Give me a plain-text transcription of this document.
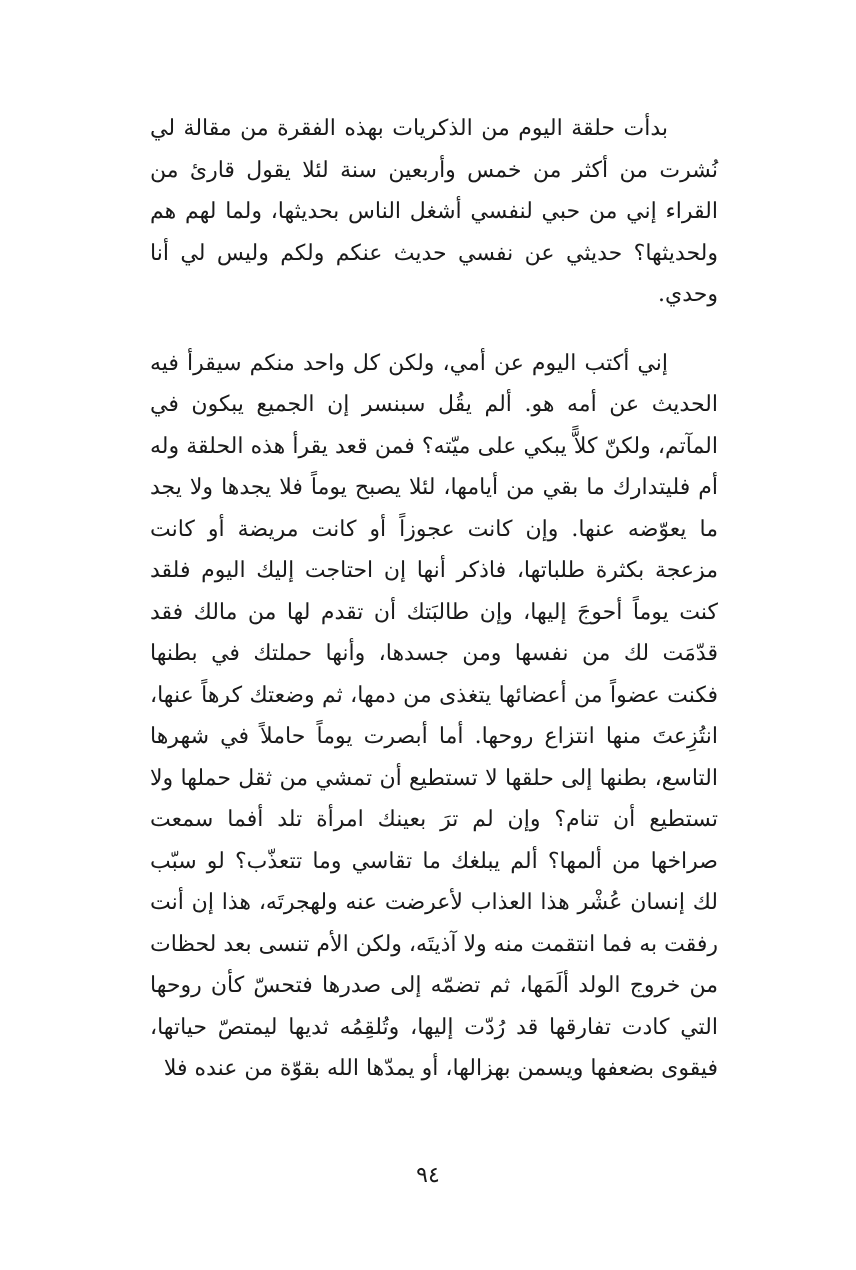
بدأت حلقة اليوم من الذكريات بهذه الفقرة من مقالة لي نُشرت من أكثر من خمس وأربعين سنة لئلا يقول قارئ من القراء إني من حبي لنفسي أشغل الناس بحديثها، ولما لهم هم ولحديثها؟ حديثي عن نفسي حديث عنكم ولكم وليس لي أنا وحدي.

إني أكتب اليوم عن أمي، ولكن كل واحد منكم سيقرأ فيه الحديث عن أمه هو. ألم يقُل سبنسر إن الجميع يبكون في المآتم، ولكنّ كلاًّ يبكي على ميّته؟ فمن قعد يقرأ هذه الحلقة وله أم فليتدارك ما بقي من أيامها، لئلا يصبح يوماً فلا يجدها ولا يجد ما يعوّضه عنها. وإن كانت عجوزاً أو كانت مريضة أو كانت مزعجة بكثرة طلباتها، فاذكر أنها إن احتاجت إليك اليوم فلقد كنت يوماً أحوجَ إليها، وإن طالبَتك أن تقدم لها من مالك فقد قدّمَت لك من نفسها ومن جسدها، وأنها حملتك في بطنها فكنت عضواً من أعضائها يتغذى من دمها، ثم وضعتك كرهاً عنها، انتُزِعتَ منها انتزاع روحها. أما أبصرت يوماً حاملاً في شهرها التاسع، بطنها إلى حلقها لا تستطيع أن تمشي من ثقل حملها ولا تستطيع أن تنام؟ وإن لم ترَ بعينك امرأة تلد أفما سمعت صراخها من ألمها؟ ألم يبلغك ما تقاسي وما تتعذّب؟ لو سبّب لك إنسان عُشْر هذا العذاب لأعرضت عنه ولهجرتَه، هذا إن أنت رفقت به فما انتقمت منه ولا آذيتَه، ولكن الأم تنسى بعد لحظات من خروج الولد ألَمَها، ثم تضمّه إلى صدرها فتحسّ كأن روحها التي كادت تفارقها قد رُدّت إليها، وتُلقِمُه ثديها ليمتصّ حياتها، فيقوى بضعفها ويسمن بهزالها، أو يمدّها الله بقوّة من عنده فلا

٩٤
